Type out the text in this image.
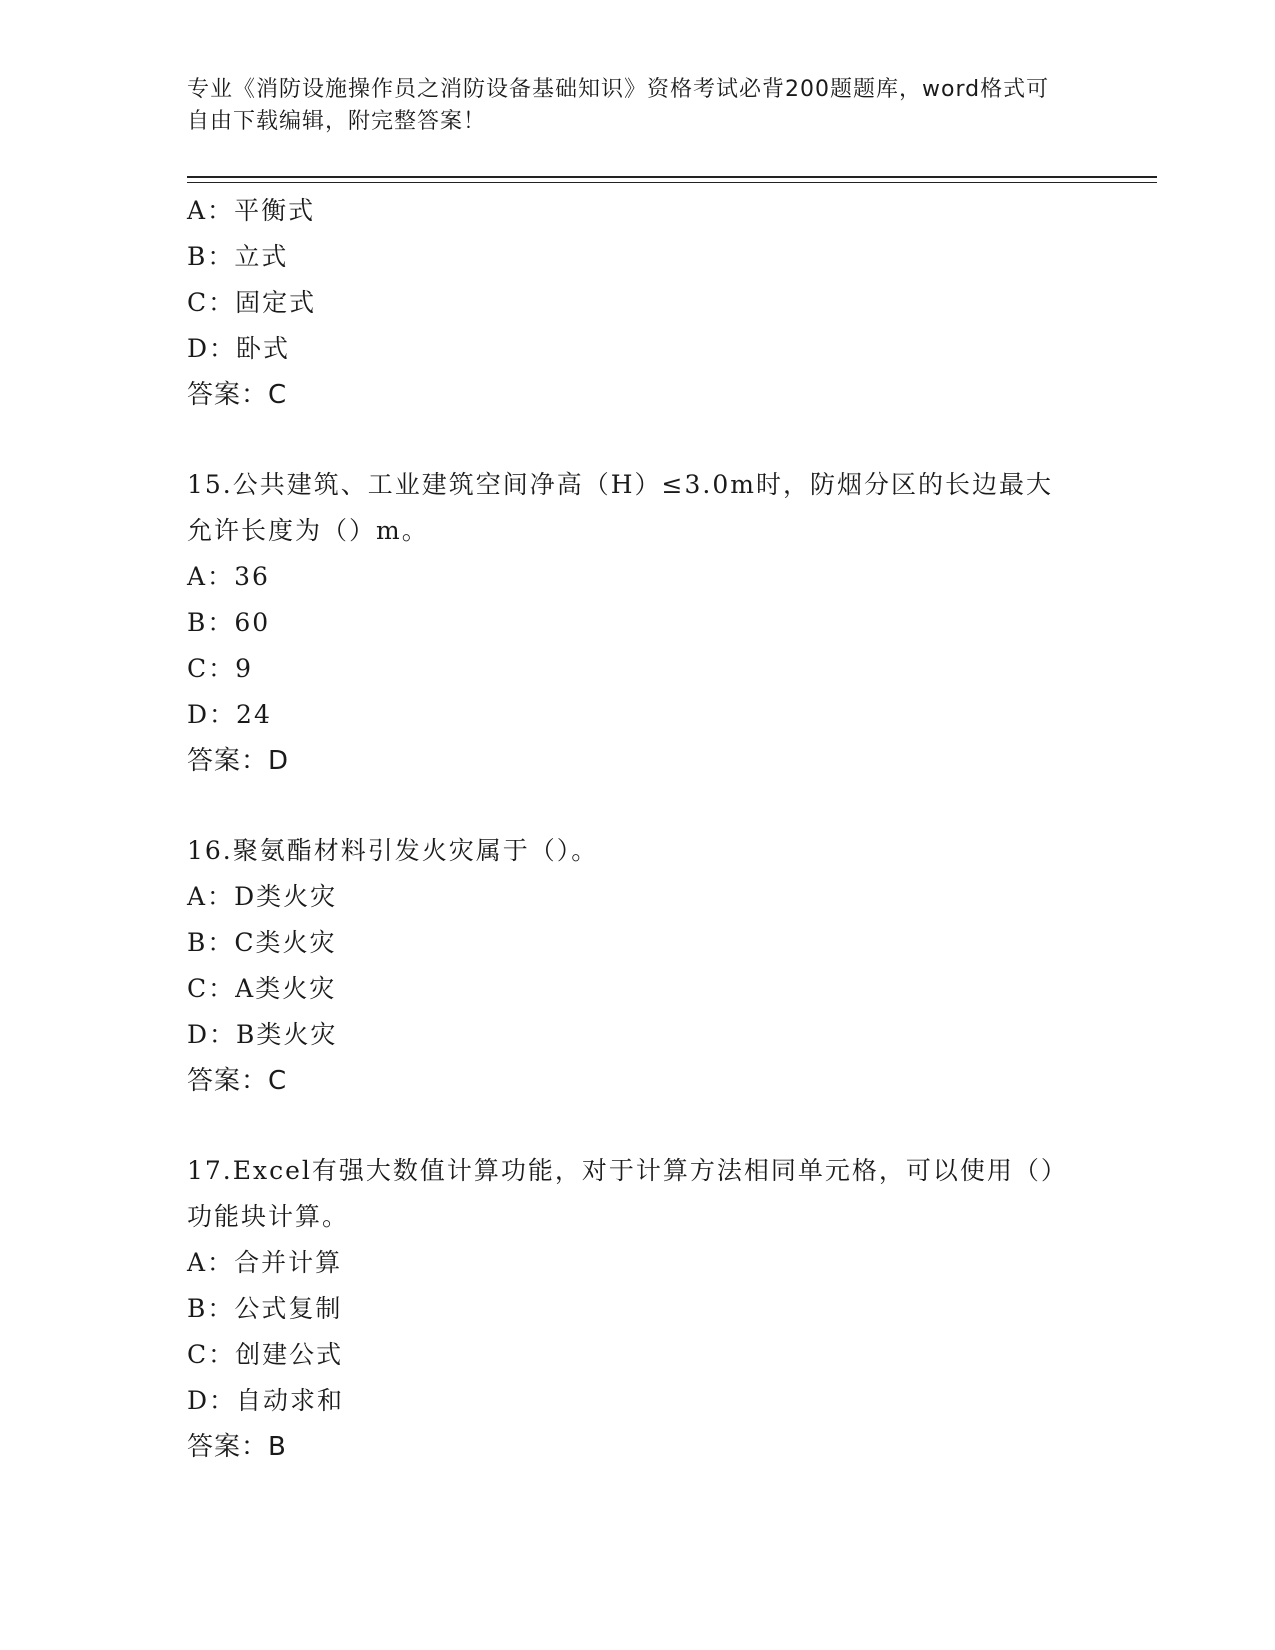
专业《消防设施操作员之消防设备基础知识》资格考试必背200题题库，word格式可自由下载编辑，附完整答案！

A：平衡式
B：立式
C：固定式
D：卧式
答案：C

15.公共建筑、工业建筑空间净高（H）≤3.0m时，防烟分区的长边最大允许长度为（）m。

A：36
B：60
C：9
D：24
答案：D

16.聚氨酯材料引发火灾属于（）。

A：D类火灾
B：C类火灾
C：A类火灾
D：B类火灾
答案：C

17.Excel有强大数值计算功能，对于计算方法相同单元格，可以使用（）功能块计算。

A：合并计算
B：公式复制
C：创建公式
D：自动求和
答案：B
